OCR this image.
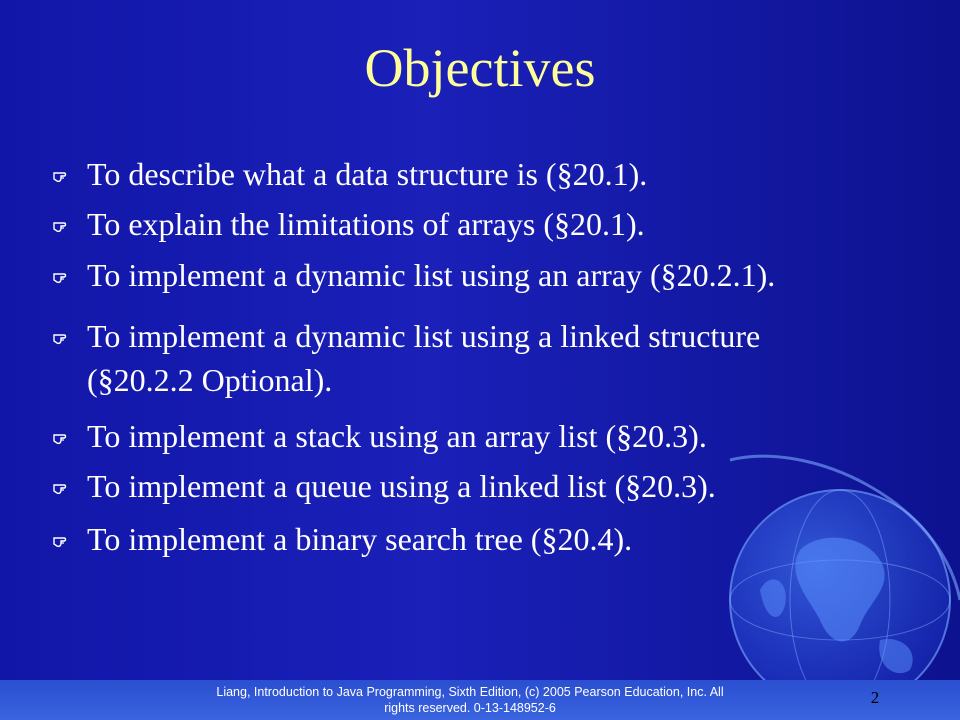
Objectives
To describe what a data structure is (§20.1).
To explain the limitations of arrays (§20.1).
To implement a dynamic list using an array (§20.2.1).
To implement a dynamic list using a linked structure
(§20.2.2 Optional).
To implement a stack using an array list (§20.3).
To implement a queue using a linked list (§20.3).
To implement a binary search tree (§20.4).
Liang, Introduction to Java Programming, Sixth Edition, (c) 2005 Pearson Education, Inc. All
rights reserved. 0-13-148952-6
2
